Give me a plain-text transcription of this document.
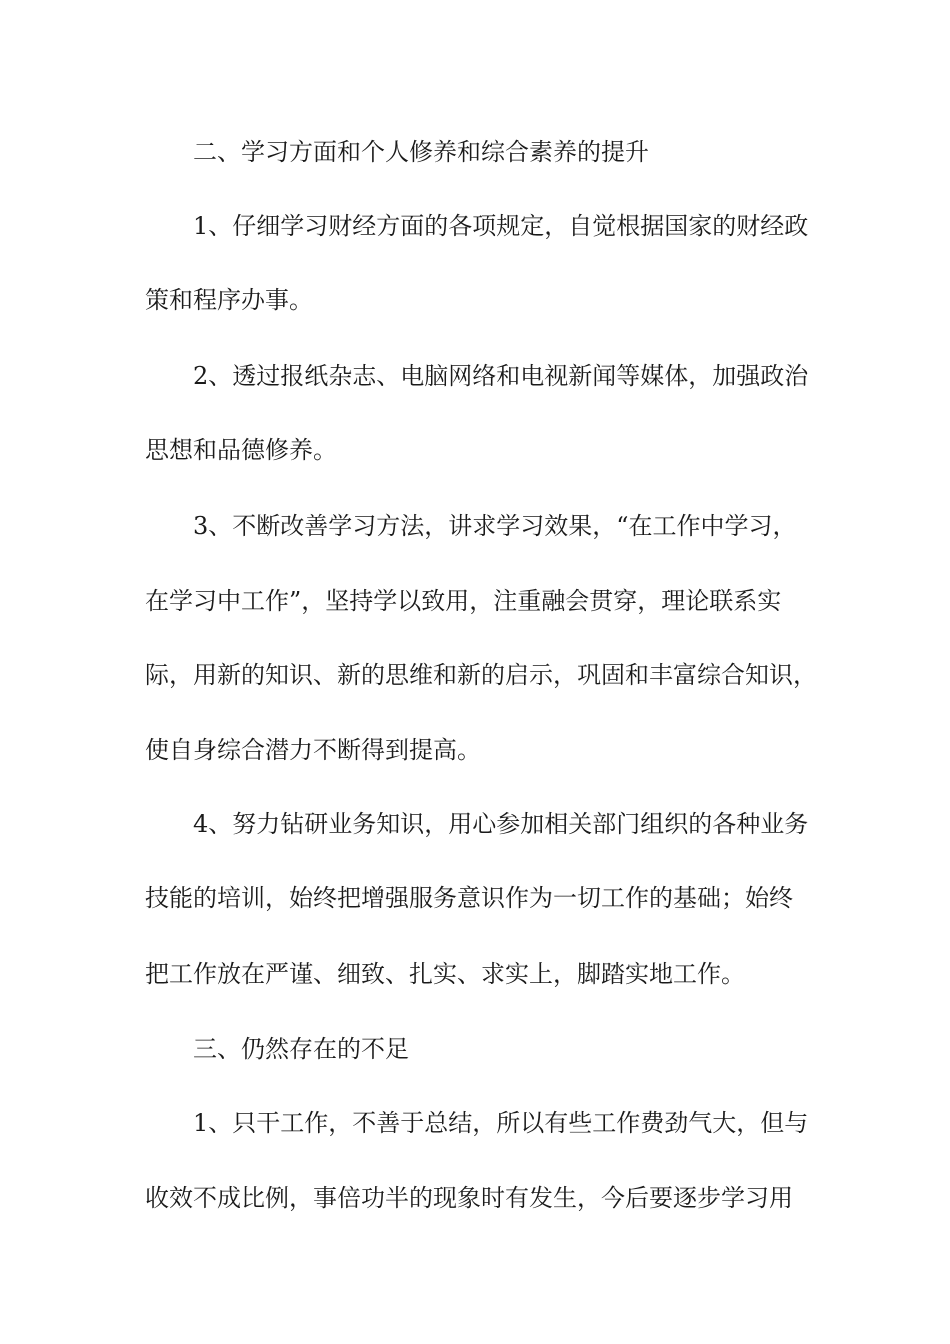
二、学习方面和个人修养和综合素养的提升
1、仔细学习财经方面的各项规定，自觉根据国家的财经政
策和程序办事。
2、透过报纸杂志、电脑网络和电视新闻等媒体，加强政治
思想和品德修养。
3、不断改善学习方法，讲求学习效果，“在工作中学习，
在学习中工作”，坚持学以致用，注重融会贯穿，理论联系实
际，用新的知识、新的思维和新的启示，巩固和丰富综合知识，
使自身综合潜力不断得到提高。
4、努力钻研业务知识，用心参加相关部门组织的各种业务
技能的培训，始终把增强服务意识作为一切工作的基础；始终
把工作放在严谨、细致、扎实、求实上，脚踏实地工作。
三、仍然存在的不足
1、只干工作，不善于总结，所以有些工作费劲气大，但与
收效不成比例，事倍功半的现象时有发生，今后要逐步学习用
